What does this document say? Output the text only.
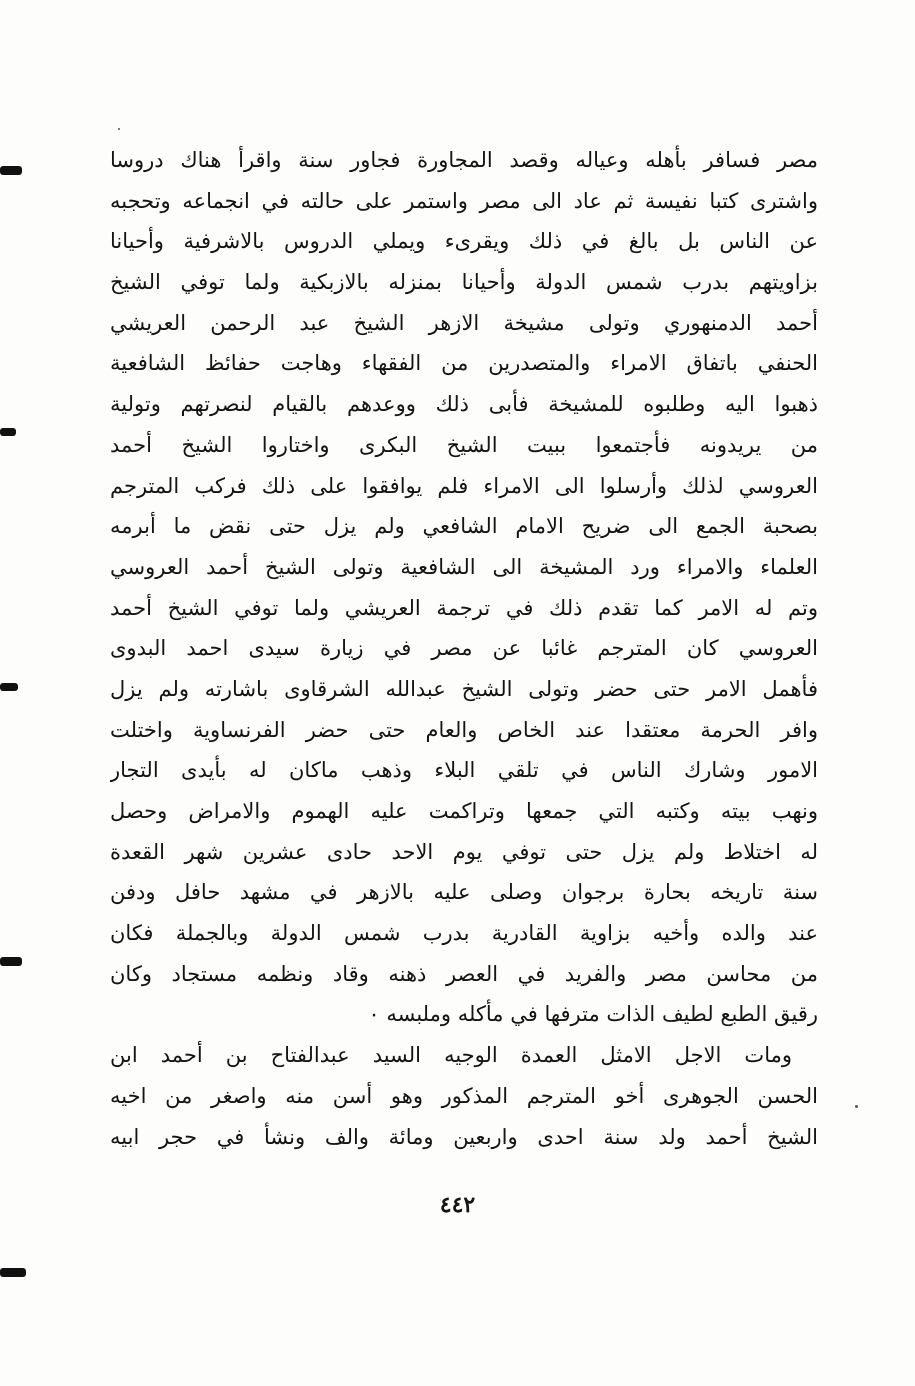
مصر فسافر بأهله وعياله وقصد المجاورة فجاور سنة واقرأ هناك دروسا
واشترى كتبا نفيسة ثم عاد الى مصر واستمر على حالته في انجماعه وتحجبه
عن الناس بل بالغ في ذلك ويقرىء ويملي الدروس بالاشرفية وأحيانا
بزاويتهم بدرب شمس الدولة وأحيانا بمنزله بالازبكية ولما توفي الشيخ
أحمد الدمنهوري وتولى مشيخة الازهر الشيخ عبد الرحمن العريشي
الحنفي باتفاق الامراء والمتصدرين من الفقهاء وهاجت حفائظ الشافعية
ذهبوا اليه وطلبوه للمشيخة فأبى ذلك ووعدهم بالقيام لنصرتهم وتولية
من يريدونه فأجتمعوا ببيت الشيخ البكرى واختاروا الشيخ أحمد
العروسي لذلك وأرسلوا الى الامراء فلم يوافقوا على ذلك فركب المترجم
بصحبة الجمع الى ضريح الامام الشافعي ولم يزل حتى نقض ما أبرمه
العلماء والامراء ورد المشيخة الى الشافعية وتولى الشيخ أحمد العروسي
وتم له الامر كما تقدم ذلك في ترجمة العريشي ولما توفي الشيخ أحمد
العروسي كان المترجم غائبا عن مصر في زيارة سيدى احمد البدوى
فأهمل الامر حتى حضر وتولى الشيخ عبدالله الشرقاوى باشارته ولم يزل
وافر الحرمة معتقدا عند الخاص والعام حتى حضر الفرنساوية واختلت
الامور وشارك الناس في تلقي البلاء وذهب ماكان له بأيدى التجار
ونهب بيته وكتبه التي جمعها وتراكمت عليه الهموم والامراض وحصل
له اختلاط ولم يزل حتى توفي يوم الاحد حادى عشرين شهر القعدة
سنة تاريخه بحارة برجوان وصلى عليه بالازهر في مشهد حافل ودفن
عند والده وأخيه بزاوية القادرية بدرب شمس الدولة وبالجملة فكان
من محاسن مصر والفريد في العصر ذهنه وقاد ونظمه مستجاد وكان
رقيق الطبع لطيف الذات مترفها في مأكله وملبسه ٠
ومات الاجل الامثل العمدة الوجيه السيد عبدالفتاح بن أحمد ابن
الحسن الجوهرى أخو المترجم المذكور وهو أسن منه واصغر من اخيه
الشيخ أحمد ولد سنة احدى واربعين ومائة والف ونشأ في حجر ابيه
٤٤٢
